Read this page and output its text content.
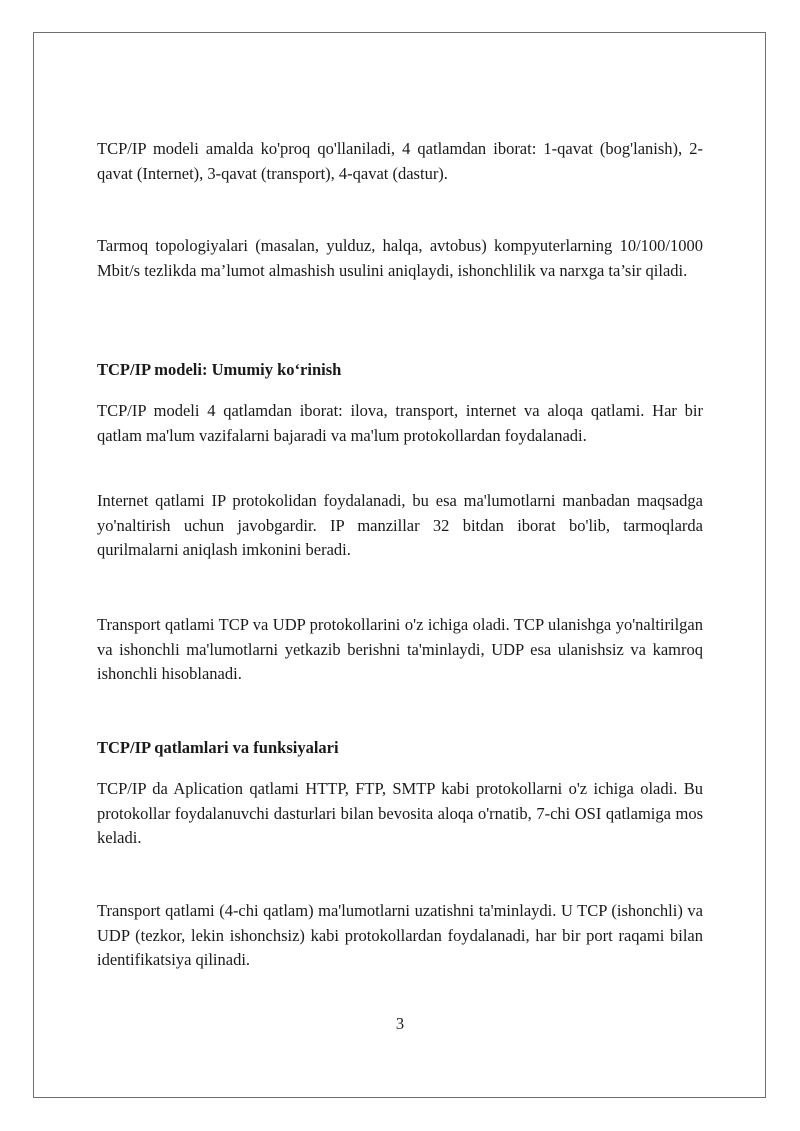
TCP/IP modeli amalda ko'proq qo'llaniladi, 4 qatlamdan iborat: 1-qavat (bog'lanish), 2-qavat (Internet), 3-qavat (transport), 4-qavat (dastur).

Tarmoq topologiyalari (masalan, yulduz, halqa, avtobus) kompyuterlarning 10/100/1000 Mbit/s tezlikda ma’lumot almashish usulini aniqlaydi, ishonchlilik va narxga ta’sir qiladi.

TCP/IP modeli: Umumiy ko‘rinish

TCP/IP modeli 4 qatlamdan iborat: ilova, transport, internet va aloqa qatlami. Har bir qatlam ma'lum vazifalarni bajaradi va ma'lum protokollardan foydalanadi.

Internet qatlami IP protokolidan foydalanadi, bu esa ma'lumotlarni manbadan maqsadga yo'naltirish uchun javobgardir. IP manzillar 32 bitdan iborat bo'lib, tarmoqlarda qurilmalarni aniqlash imkonini beradi.

Transport qatlami TCP va UDP protokollarini o'z ichiga oladi. TCP ulanishga yo'naltirilgan va ishonchli ma'lumotlarni yetkazib berishni ta'minlaydi, UDP esa ulanishsiz va kamroq ishonchli hisoblanadi.

TCP/IP qatlamlari va funksiyalari

TCP/IP da Aplication qatlami HTTP, FTP, SMTP kabi protokollarni o'z ichiga oladi. Bu protokollar foydalanuvchi dasturlari bilan bevosita aloqa o'rnatib, 7-chi OSI qatlamiga mos keladi.

Transport qatlami (4-chi qatlam) ma'lumotlarni uzatishni ta'minlaydi. U TCP (ishonchli) va UDP (tezkor, lekin ishonchsiz) kabi protokollardan foydalanadi, har bir port raqami bilan identifikatsiya qilinadi.

3
